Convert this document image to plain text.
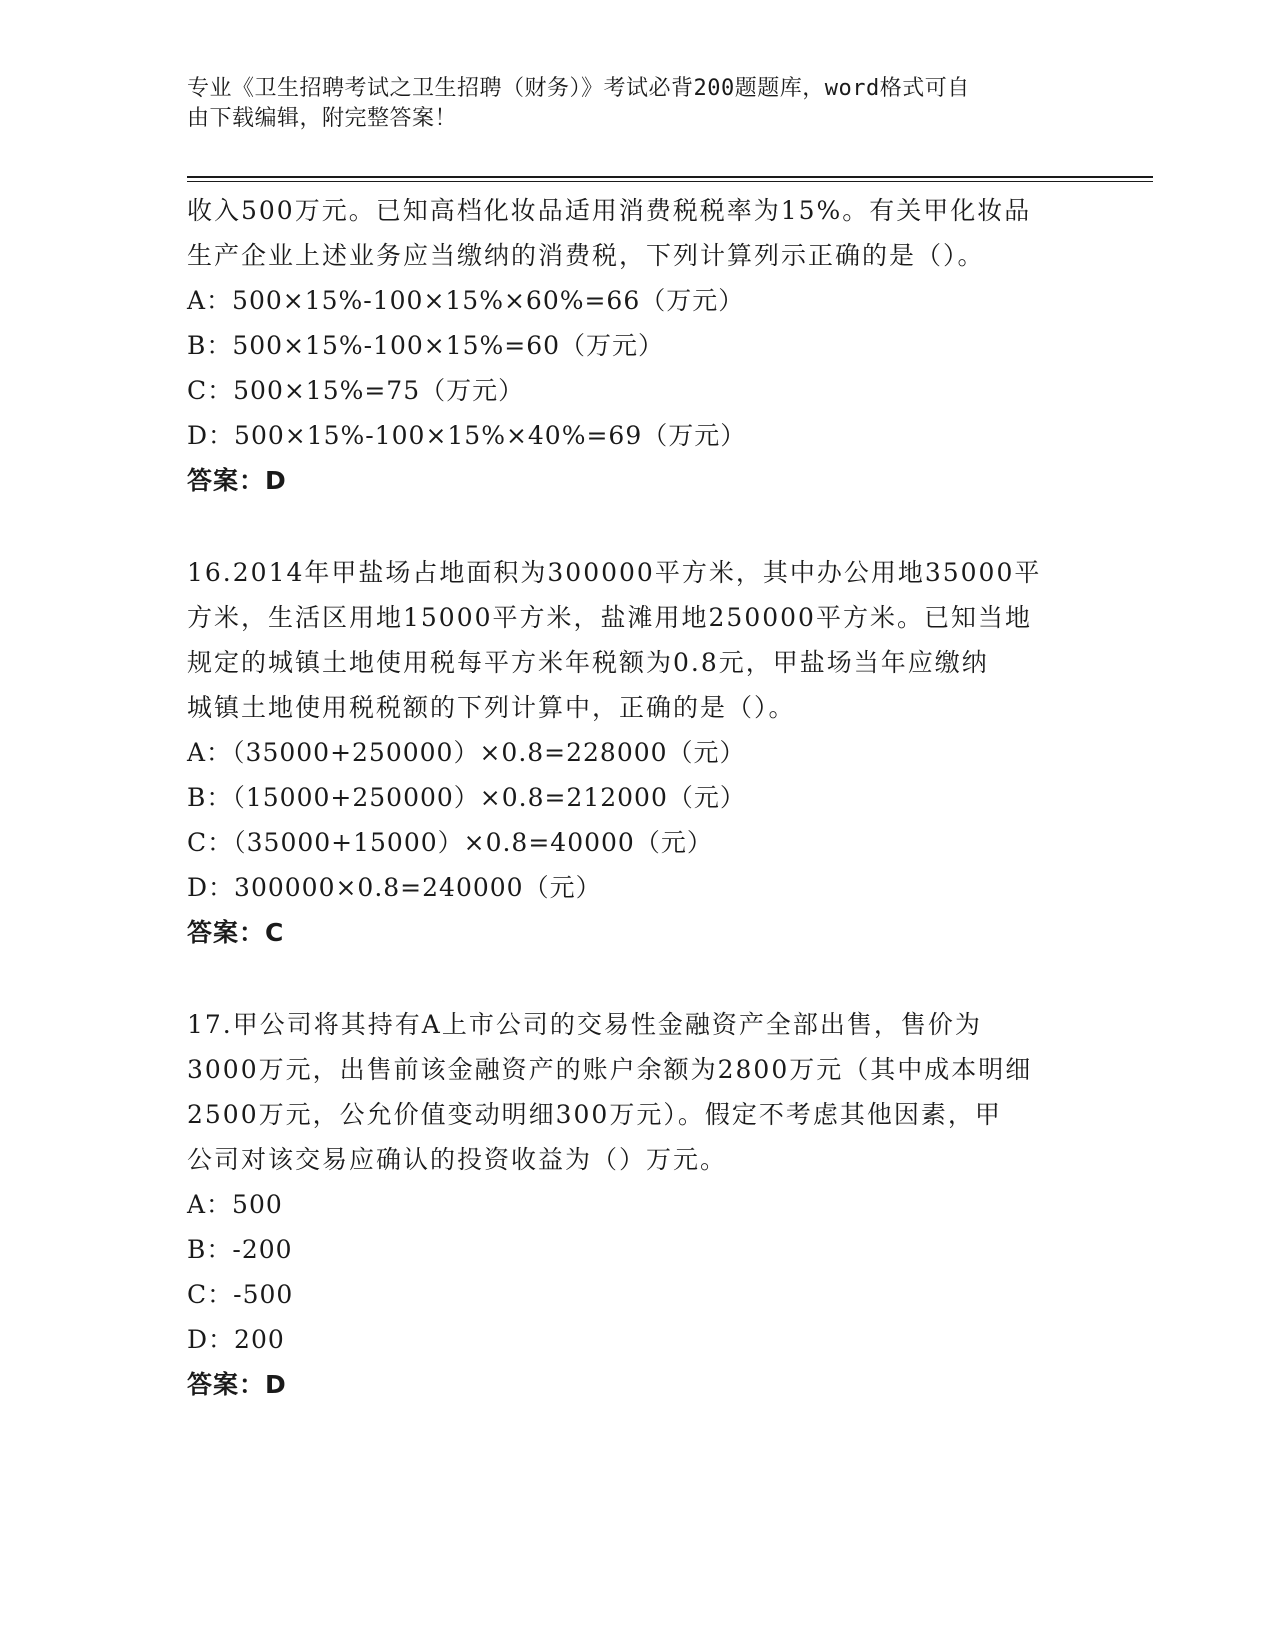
专业《卫生招聘考试之卫生招聘（财务）》考试必背200题题库，word格式可自
由下载编辑，附完整答案！
收入500万元。已知高档化妆品适用消费税税率为15%。有关甲化妆品
生产企业上述业务应当缴纳的消费税，下列计算列示正确的是（）。
A：500×15%-100×15%×60%=66（万元）
B：500×15%-100×15%=60（万元）
C：500×15%=75（万元）
D：500×15%-100×15%×40%=69（万元）
答案：D
16.2014年甲盐场占地面积为300000平方米，其中办公用地35000平
方米，生活区用地15000平方米，盐滩用地250000平方米。已知当地
规定的城镇土地使用税每平方米年税额为0.8元，甲盐场当年应缴纳
城镇土地使用税税额的下列计算中，正确的是（）。
A：（35000+250000）×0.8=228000（元）
B：（15000+250000）×0.8=212000（元）
C：（35000+15000）×0.8=40000（元）
D：300000×0.8=240000（元）
答案：C
17.甲公司将其持有A上市公司的交易性金融资产全部出售，售价为
3000万元，出售前该金融资产的账户余额为2800万元（其中成本明细
2500万元，公允价值变动明细300万元）。假定不考虑其他因素，甲
公司对该交易应确认的投资收益为（）万元。
A：500
B：-200
C：-500
D：200
答案：D
